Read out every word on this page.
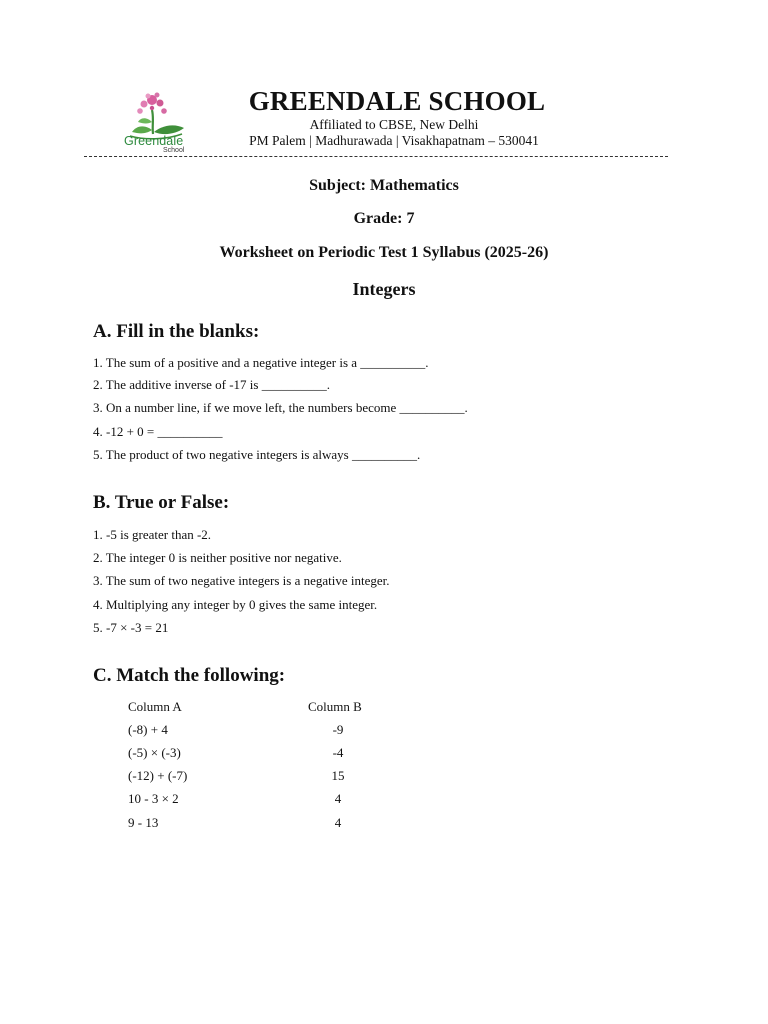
Greendale
School
GREENDALE SCHOOL
Affiliated to CBSE, New Delhi
PM Palem | Madhurawada | Visakhapatnam – 530041
Subject: Mathematics
Grade: 7
Worksheet on Periodic Test 1 Syllabus (2025-26)
Integers
A. Fill in the blanks:
1. The sum of a positive and a negative integer is a __________.
2. The additive inverse of -17 is __________.
3. On a number line, if we move left, the numbers become __________.
4. -12 + 0 = __________
5. The product of two negative integers is always __________.
B. True or False:
1. -5 is greater than -2.
2. The integer 0 is neither positive nor negative.
3. The sum of two negative integers is a negative integer.
4. Multiplying any integer by 0 gives the same integer.
5. -7 × -3 = 21
C. Match the following:
Column A	Column B
(-8) + 4
(-5) × (-3)
(-12) + (-7)
10 - 3 × 2
9 - 13
-9
-4
15
4
4
